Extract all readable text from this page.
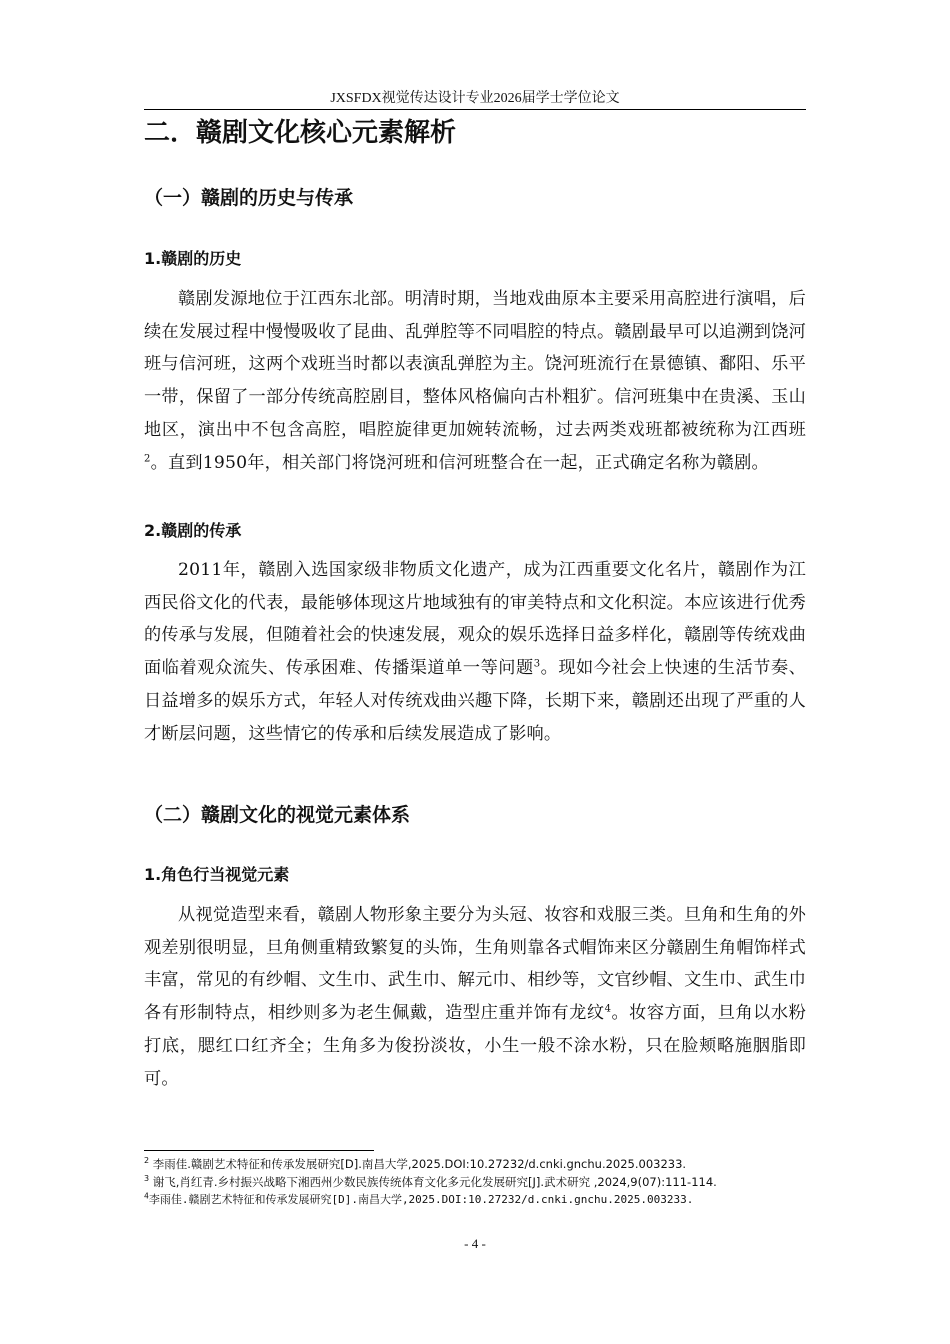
JXSFDX视觉传达设计专业2026届学士学位论文
二．赣剧文化核心元素解析
（一）赣剧的历史与传承
1.赣剧的历史

赣剧发源地位于江西东北部。明清时期，当地戏曲原本主要采用高腔进行演唱，后续在发展过程中慢慢吸收了昆曲、乱弹腔等不同唱腔的特点。赣剧最早可以追溯到饶河班与信河班，这两个戏班当时都以表演乱弹腔为主。饶河班流行在景德镇、鄱阳、乐平一带，保留了一部分传统高腔剧目，整体风格偏向古朴粗犷。信河班集中在贵溪、玉山地区，演出中不包含高腔，唱腔旋律更加婉转流畅，过去两类戏班都被统称为江西班$^2$。直到1950年，相关部门将饶河班和信河班整合在一起，正式确定名称为赣剧。

2.赣剧的传承

2011年，赣剧入选国家级非物质文化遗产，成为江西重要文化名片，赣剧作为江西民俗文化的代表，最能够体现这片地域独有的审美特点和文化积淀。本应该进行优秀的传承与发展，但随着社会的快速发展，观众的娱乐选择日益多样化，赣剧等传统戏曲面临着观众流失、传承困难、传播渠道单一等问题$^3$。现如今社会上快速的生活节奏、日益增多的娱乐方式，年轻人对传统戏曲兴趣下降，长期下来，赣剧还出现了严重的人才断层问题，这些情它的传承和后续发展造成了影响。

（二）赣剧文化的视觉元素体系
1.角色行当视觉元素

从视觉造型来看，赣剧人物形象主要分为头冠、妆容和戏服三类。旦角和生角的外观差别很明显，旦角侧重精致繁复的头饰，生角则靠各式帽饰来区分赣剧生角帽饰样式丰富，常见的有纱帽、文生巾、武生巾、解元巾、相纱等，文官纱帽、文生巾、武生巾各有形制特点，相纱则多为老生佩戴，造型庄重并饰有龙纹$^4$。妆容方面，旦角以水粉打底，腮红口红齐全；生角多为俊扮淡妆，小生一般不涂水粉，只在脸颊略施胭脂即可。

$^2$ 李雨佳.赣剧艺术特征和传承发展研究[D].南昌大学,2025.DOI:10.27232/d.cnki.gnchu.2025.003233.

$^3$ 谢飞,肖红青.乡村振兴战略下湘西州少数民族传统体育文化多元化发展研究[J].武术研究 ,2024,9(07):111-114.

$^4$李雨佳.赣剧艺术特征和传承发展研究[D].南昌大学,2025.DOI:10.27232/d.cnki.gnchu.2025.003233.

- 4 -
